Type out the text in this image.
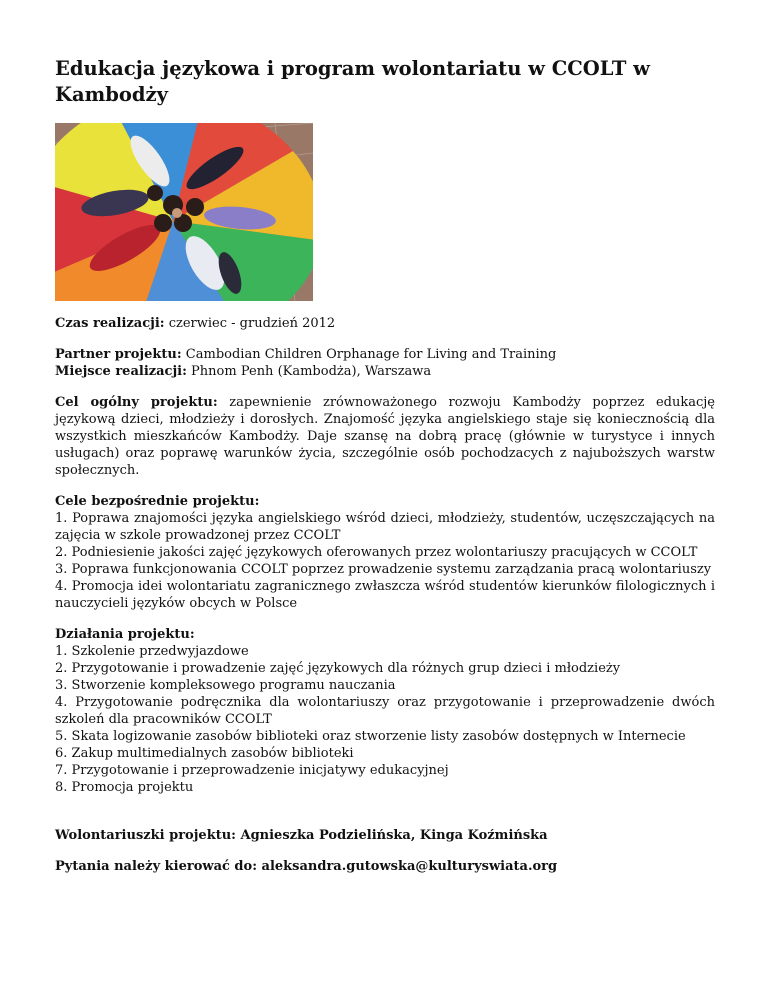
Edukacja językowa i program wolontariatu w CCOLT w Kambodży

Czas realizacji: czerwiec - grudzień 2012

Partner projektu: Cambodian Children Orphanage for Living and Training

Miejsce realizacji: Phnom Penh (Kambodża), Warszawa

Cel ogólny projektu: zapewnienie zrównoważonego rozwoju Kambodży poprzez edukację językową dzieci, młodzieży i dorosłych. Znajomość języka angielskiego staje się koniecznością dla wszystkich mieszkańców Kambodży. Daje szansę na dobrą pracę (głównie w turystyce i innych usługach) oraz poprawę warunków życia, szczególnie osób pochodzacych z najuboższych warstw społecznych.

Cele bezpośrednie projektu:

1. Poprawa znajomości języka angielskiego wśród dzieci, młodzieży, studentów, uczęszczających na zajęcia w szkole prowadzonej przez CCOLT

2. Podniesienie jakości zajęć językowych oferowanych przez wolontariuszy pracujących w CCOLT

3. Poprawa funkcjonowania CCOLT poprzez prowadzenie systemu zarządzania pracą wolontariuszy

4. Promocja idei wolontariatu zagranicznego zwłaszcza wśród studentów kierunków filologicznych i nauczycieli języków obcych w Polsce

Działania projektu:

1. Szkolenie przedwyjazdowe

2. Przygotowanie i prowadzenie zajęć językowych dla różnych grup dzieci i młodzieży

3. Stworzenie kompleksowego programu nauczania

4. Przygotowanie podręcznika dla wolontariuszy oraz przygotowanie i przeprowadzenie dwóch szkoleń dla pracowników CCOLT

5. Skata logizowanie zasobów biblioteki oraz stworzenie listy zasobów dostępnych w Internecie

6. Zakup multimedialnych zasobów biblioteki

7. Przygotowanie i przeprowadzenie inicjatywy edukacyjnej

8. Promocja projektu

Wolontariuszki projektu: Agnieszka Podzielińska, Kinga Koźmińska

Pytania należy kierować do: aleksandra.gutowska@kulturyswiata.org
